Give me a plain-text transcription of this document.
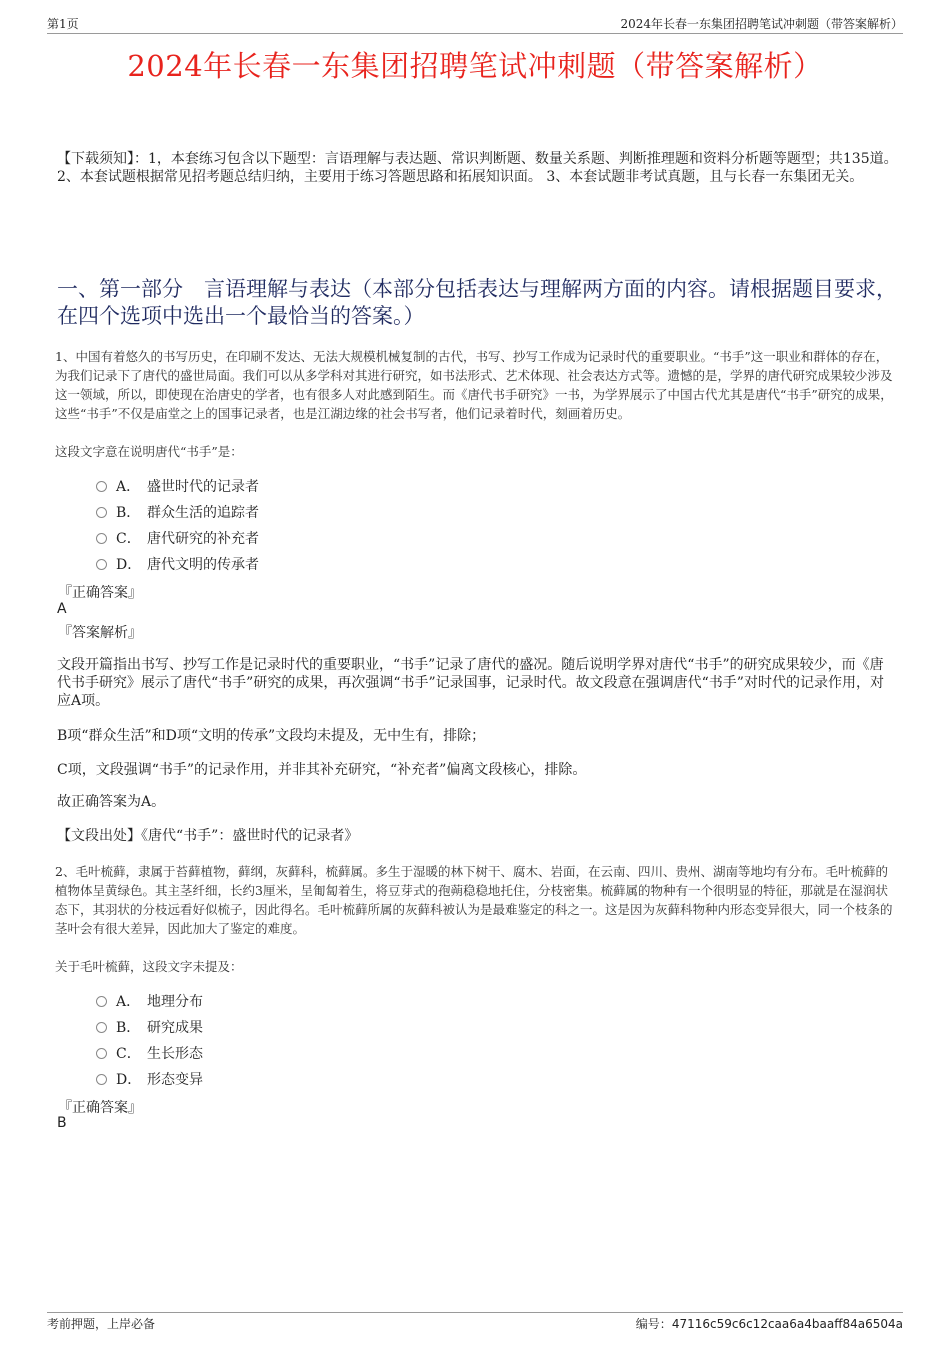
第1页	2024年长春一东集团招聘笔试冲刺题（带答案解析）
2024年长春一东集团招聘笔试冲刺题（带答案解析）
【下载须知】：1，本套练习包含以下题型：言语理解与表达题、常识判断题、数量关系题、判断推理题和资料分析题等题型；共135道。 2、本套试题根据常见招考题总结归纳，主要用于练习答题思路和拓展知识面。 3、本套试题非考试真题，且与长春一东集团无关。
一、第一部分　言语理解与表达（本部分包括表达与理解两方面的内容。请根据题目要求，在四个选项中选出一个最恰当的答案。）
1、中国有着悠久的书写历史，在印刷不发达、无法大规模机械复制的古代，书写、抄写工作成为记录时代的重要职业。“书手”这一职业和群体的存在，为我们记录下了唐代的盛世局面。我们可以从多学科对其进行研究，如书法形式、艺术体现、社会表达方式等。遗憾的是，学界的唐代研究成果较少涉及这一领域，所以，即使现在治唐史的学者，也有很多人对此感到陌生。而《唐代书手研究》一书，为学界展示了中国古代尤其是唐代“书手”研究的成果，这些“书手”不仅是庙堂之上的国事记录者，也是江湖边缘的社会书写者，他们记录着时代，刻画着历史。
这段文字意在说明唐代“书手”是：
A． 盛世时代的记录者
B． 群众生活的追踪者
C． 唐代研究的补充者
D． 唐代文明的传承者
『正确答案』
A
『答案解析』
文段开篇指出书写、抄写工作是记录时代的重要职业，“书手”记录了唐代的盛况。随后说明学界对唐代“书手”的研究成果较少，而《唐代书手研究》展示了唐代“书手”研究的成果，再次强调“书手”记录国事，记录时代。故文段意在强调唐代“书手”对时代的记录作用，对应A项。
B项“群众生活”和D项“文明的传承”文段均未提及，无中生有，排除；
C项，文段强调“书手”的记录作用，并非其补充研究，“补充者”偏离文段核心，排除。
故正确答案为A。
【文段出处】《唐代“书手”：盛世时代的记录者》
2、毛叶梳藓，隶属于苔藓植物，藓纲，灰藓科，梳藓属。多生于湿暖的林下树干、腐木、岩面，在云南、四川、贵州、湖南等地均有分布。毛叶梳藓的植物体呈黄绿色。其主茎纤细，长约3厘米，呈匍匐着生，将豆芽式的孢蒴稳稳地托住，分枝密集。梳藓属的物种有一个很明显的特征，那就是在湿润状态下，其羽状的分枝远看好似梳子，因此得名。毛叶梳藓所属的灰藓科被认为是最难鉴定的科之一。这是因为灰藓科物种内形态变异很大，同一个枝条的茎叶会有很大差异，因此加大了鉴定的难度。
关于毛叶梳藓，这段文字未提及：
A． 地理分布
B． 研究成果
C． 生长形态
D． 形态变异
『正确答案』
B
考前押题，上岸必备	编号：47116c59c6c12caa6a4baaff84a6504a
